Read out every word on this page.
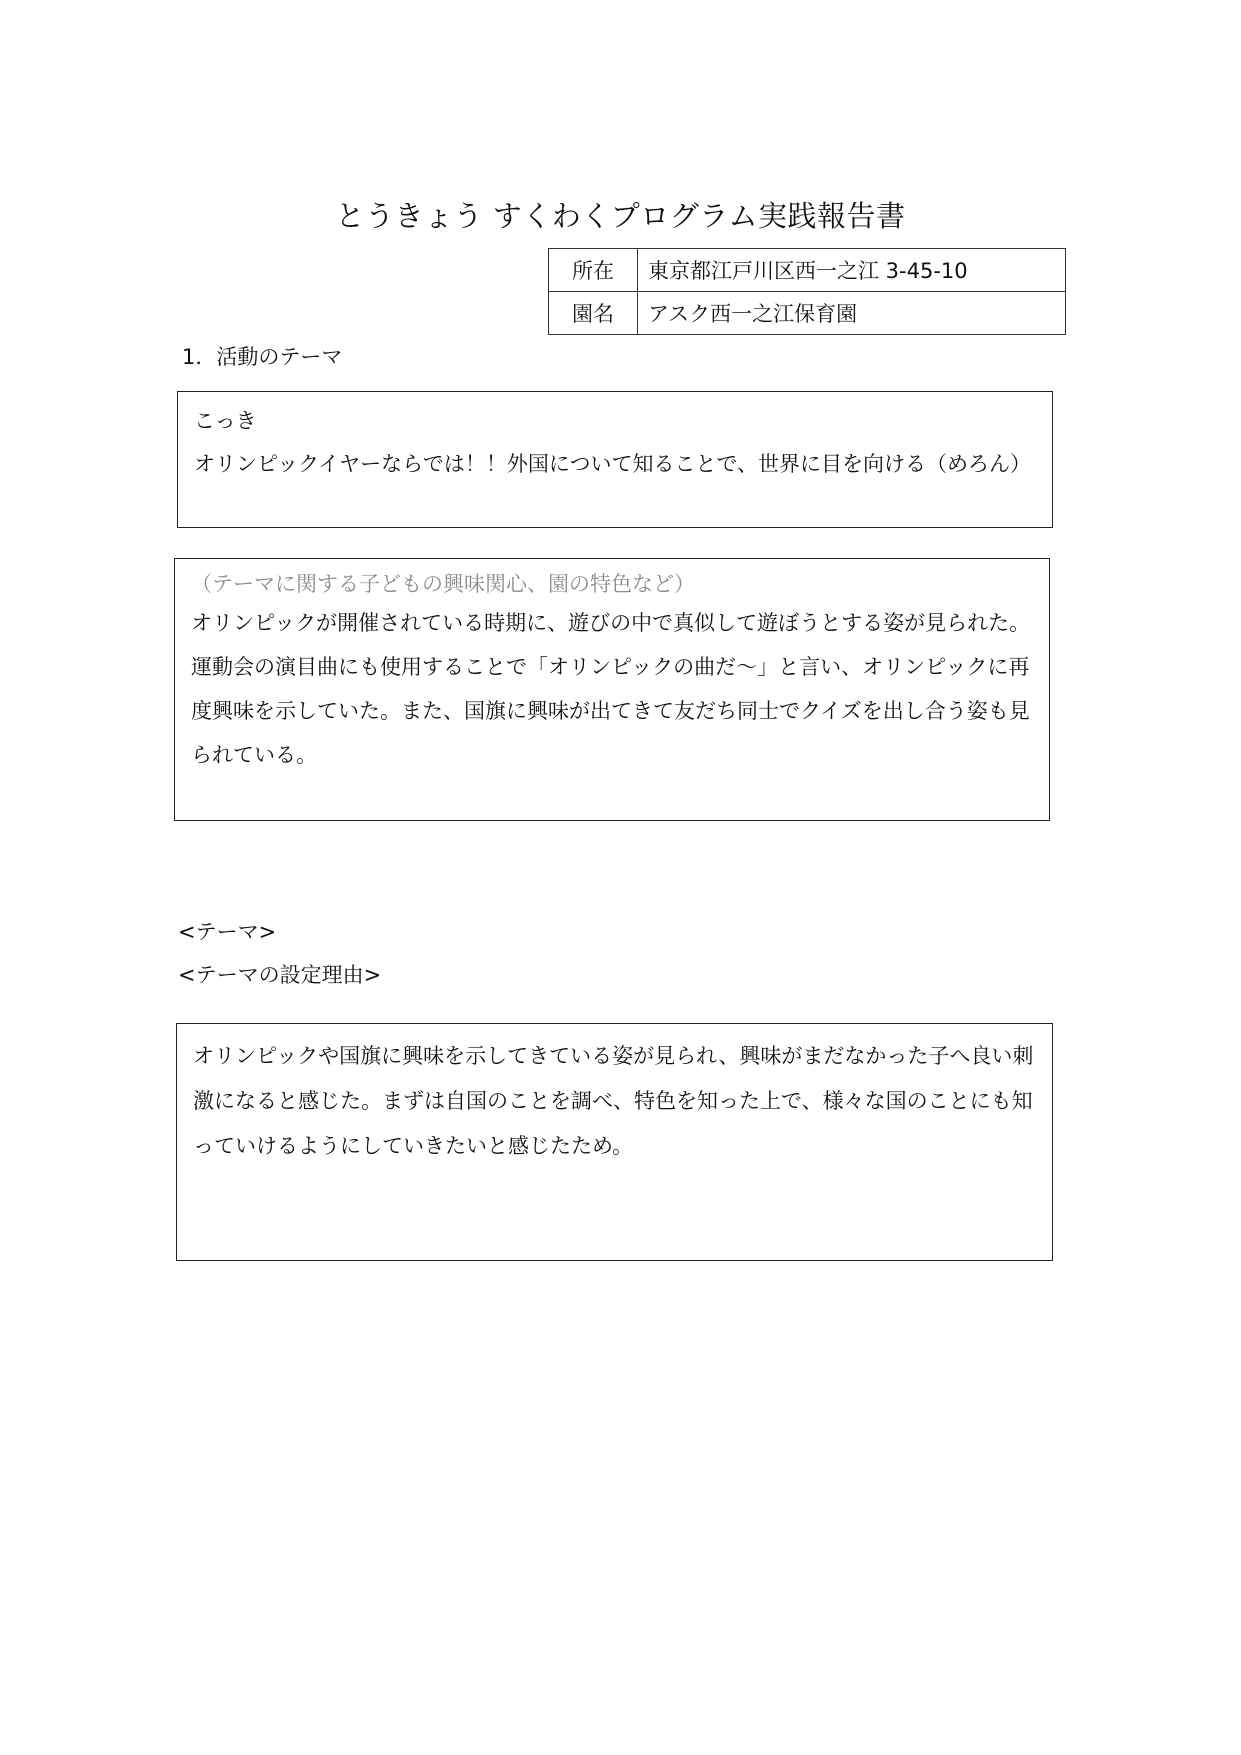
とうきょう すくわくプログラム実践報告書
所在	東京都江戸川区西一之江 3-45-10
園名	アスク西一之江保育園
1．活動のテーマ

こっき

オリンピックイヤーならでは！！外国について知ることで、世界に目を向ける（めろん）

（テーマに関する子どもの興味関心、園の特色など）

オリンピックが開催されている時期に、遊びの中で真似して遊ぼうとする姿が見られた。運動会の演目曲にも使用することで「オリンピックの曲だ～」と言い、オリンピックに再度興味を示していた。また、国旗に興味が出てきて友だち同士でクイズを出し合う姿も見られている。

<テーマ>
<テーマの設定理由>

オリンピックや国旗に興味を示してきている姿が見られ、興味がまだなかった子へ良い刺激になると感じた。まずは自国のことを調べ、特色を知った上で、様々な国のことにも知っていけるようにしていきたいと感じたため。
